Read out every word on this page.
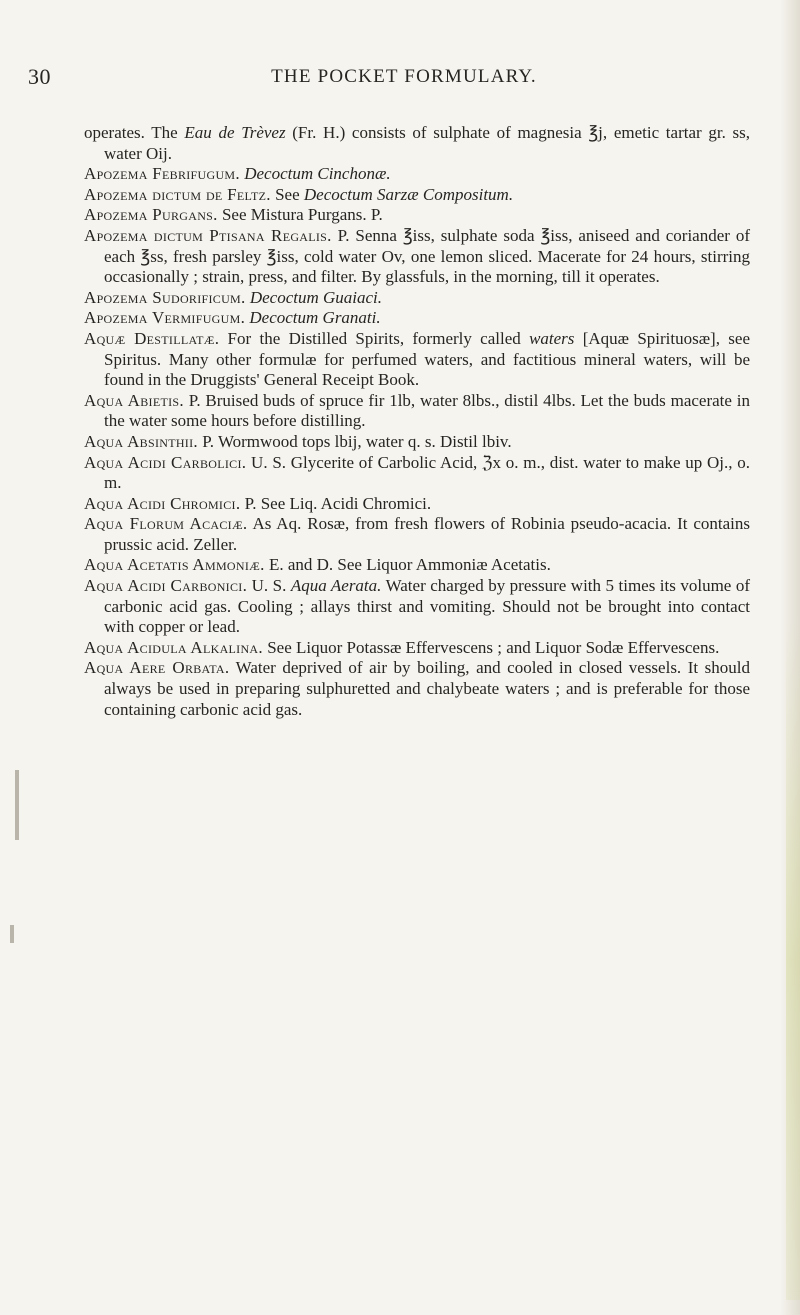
30	THE POCKET FORMULARY.

operates. The Eau de Trèvez (Fr. H.) consists of sulphate of magnesia ℥j, emetic tartar gr. ss, water Oij.

Apozema Febrifugum. Decoctum Cinchonæ.

Apozema dictum de Feltz. See Decoctum Sarzæ Compositum.

Apozema Purgans. See Mistura Purgans. P.

Apozema dictum Ptisana Regalis. P. Senna ℥iss, sulphate soda ℥iss, aniseed and coriander of each ℥ss, fresh parsley ℥iss, cold water Ov, one lemon sliced. Macerate for 24 hours, stirring occasionally ; strain, press, and filter. By glassfuls, in the morning, till it operates.

Apozema Sudorificum. Decoctum Guaiaci.

Apozema Vermifugum. Decoctum Granati.

Aquæ Destillatæ. For the Distilled Spirits, formerly called waters [Aquæ Spirituosæ], see Spiritus. Many other formulæ for perfumed waters, and factitious mineral waters, will be found in the Druggists' General Receipt Book.

Aqua Abietis. P. Bruised buds of spruce fir 1lb, water 8lbs., distil 4lbs. Let the buds macerate in the water some hours before distilling.

Aqua Absinthii. P. Wormwood tops lbij, water q. s. Distil lbiv.

Aqua Acidi Carbolici. U. S. Glycerite of Carbolic Acid, ℨx o. m., dist. water to make up Oj., o. m.

Aqua Acidi Chromici. P. See Liq. Acidi Chromici.

Aqua Florum Acaciæ. As Aq. Rosæ, from fresh flowers of Robinia pseudo-acacia. It contains prussic acid. Zeller.

Aqua Acetatis Ammoniæ. E. and D. See Liquor Ammoniæ Acetatis.

Aqua Acidi Carbonici. U. S. Aqua Aerata. Water charged by pressure with 5 times its volume of carbonic acid gas. Cooling ; allays thirst and vomiting. Should not be brought into contact with copper or lead.

Aqua Acidula Alkalina. See Liquor Potassæ Effervescens ; and Liquor Sodæ Effervescens.

Aqua Aere Orbata. Water deprived of air by boiling, and cooled in closed vessels. It should always be used in preparing sulphuretted and chalybeate waters ; and is preferable for those containing carbonic acid gas.
